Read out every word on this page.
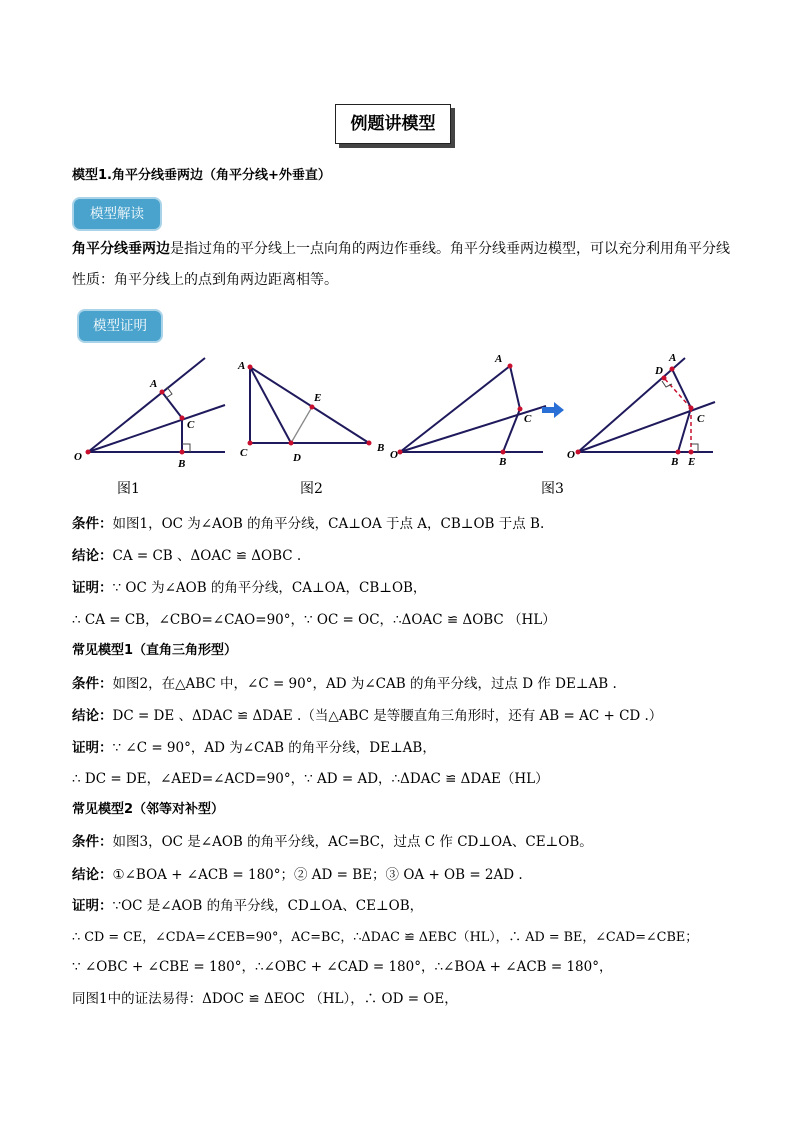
例题讲模型
模型1.角平分线垂两边（角平分线+外垂直）
模型解读
角平分线垂两边是指过角的平分线上一点向角的两边作垂线。角平分线垂两边模型，可以充分利用角平分线性质：角平分线上的点到角两边距离相等。
模型证明
O
A
C
B
图1
A
C	D
E
B
图2
O
A
C
B
O
A
D
C
B E
图3
条件：如图1，OC 为∠AOB 的角平分线，CA⊥OA 于点 A，CB⊥OB 于点 B.
结论：CA = CB 、ΔOAC ≌ ΔOBC .
证明：∵ OC 为∠AOB 的角平分线，CA⊥OA，CB⊥OB，
∴ CA = CB，∠CBO=∠CAO=90°，∵ OC = OC，∴ΔOAC ≌ ΔOBC （HL）
常见模型1（直角三角形型）
条件：如图2，在△ABC 中，∠C = 90°，AD 为∠CAB 的角平分线，过点 D 作 DE⊥AB .
结论：DC = DE 、ΔDAC ≌ ΔDAE .（当△ABC 是等腰直角三角形时，还有 AB = AC + CD .）
证明：∵ ∠C = 90°，AD 为∠CAB 的角平分线，DE⊥AB，
∴ DC = DE，∠AED=∠ACD=90°，∵ AD = AD，∴ΔDAC ≌ ΔDAE（HL）
常见模型2（邻等对补型）
条件：如图3，OC 是∠AOB 的角平分线，AC=BC，过点 C 作 CD⊥OA、CE⊥OB。
结论：①∠BOA + ∠ACB = 180°；② AD = BE；③ OA + OB = 2AD .
证明：∵OC 是∠AOB 的角平分线，CD⊥OA、CE⊥OB，
∴ CD = CE，∠CDA=∠CEB=90°，AC=BC，∴ΔDAC ≌ ΔEBC（HL），∴ AD = BE，∠CAD=∠CBE；
∵ ∠OBC + ∠CBE = 180°，∴∠OBC + ∠CAD = 180°，∴∠BOA + ∠ACB = 180°，
同图1中的证法易得：ΔDOC ≌ ΔEOC （HL），∴ OD = OE，
